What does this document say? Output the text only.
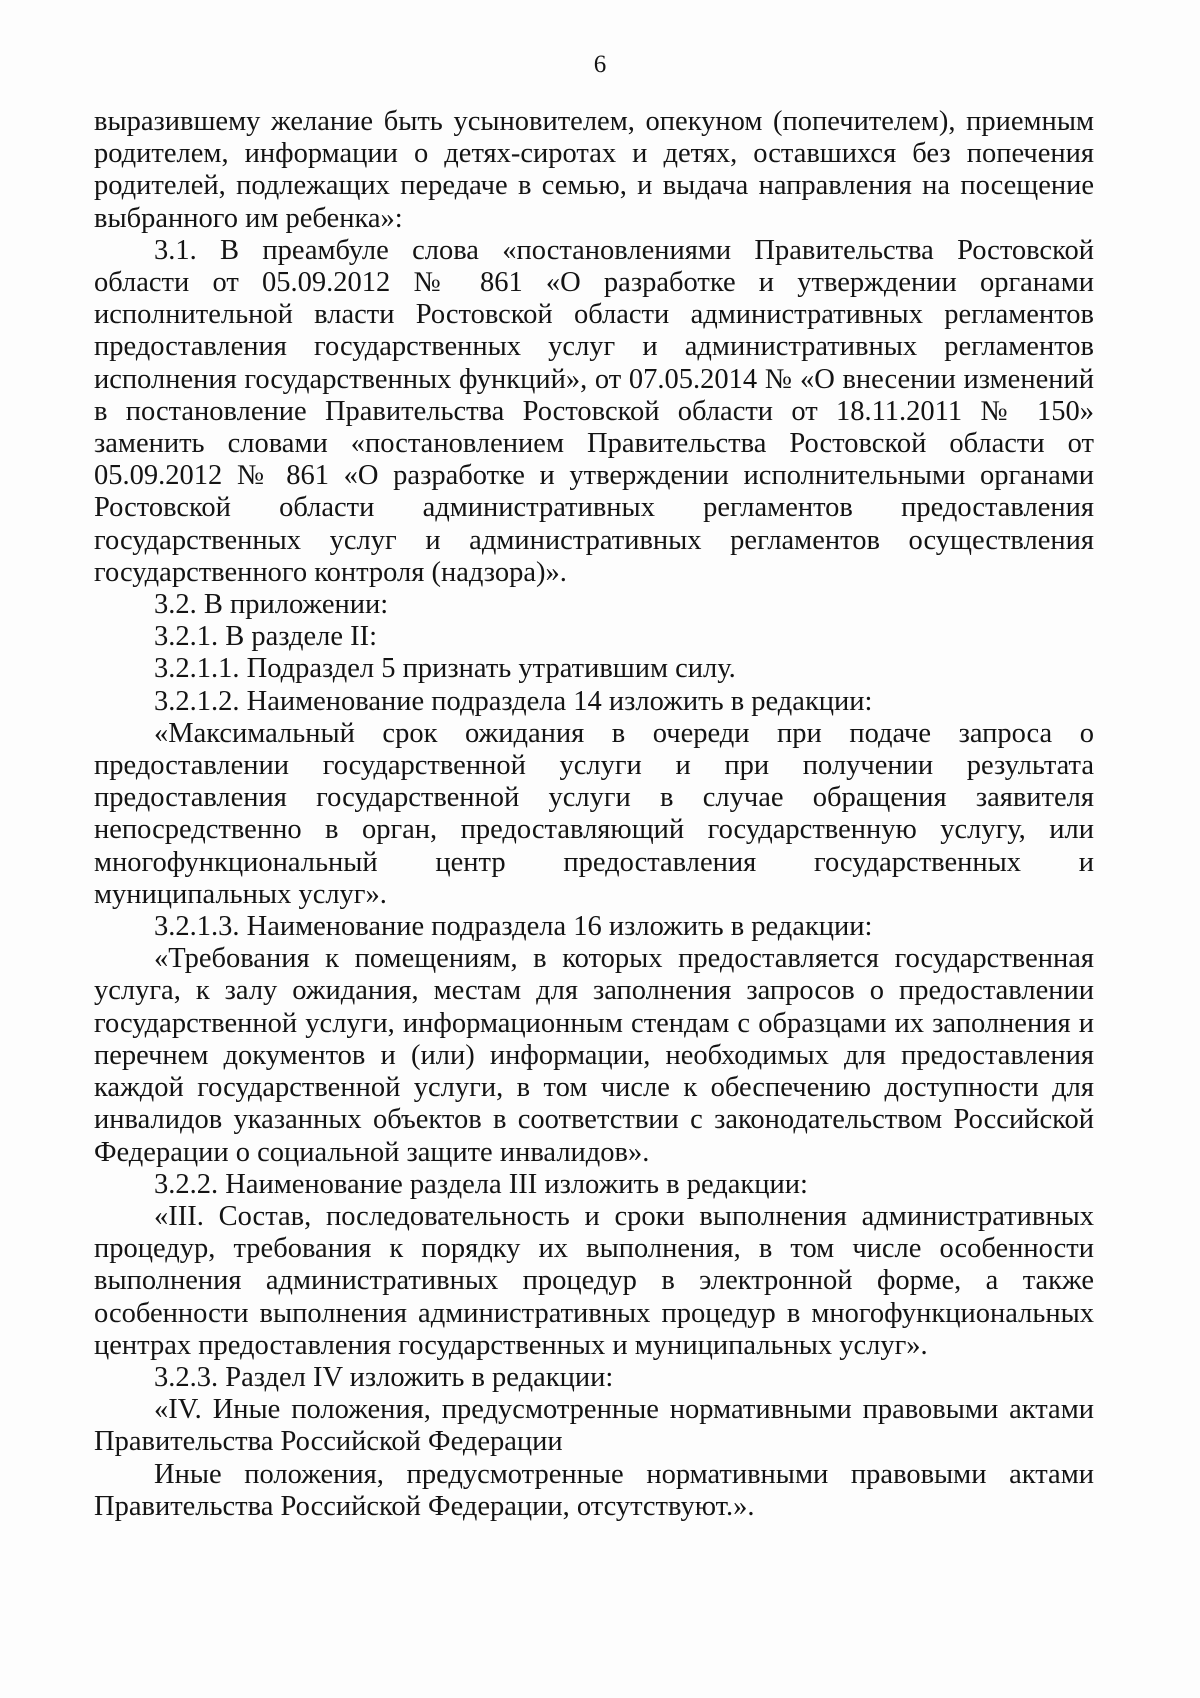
6

выразившему желание быть усыновителем, опекуном (попечителем), приемным родителем, информации о детях-сиротах и детях, оставшихся без попечения родителей, подлежащих передаче в семью, и выдача направления на посещение выбранного им ребенка»:

3.1. В преамбуле слова «постановлениями Правительства Ростовской области от 05.09.2012 № 861 «О разработке и утверждении органами исполнительной власти Ростовской области административных регламентов предоставления государственных услуг и административных регламентов исполнения государственных функций», от 07.05.2014 № «О внесении изменений в постановление Правительства Ростовской области от 18.11.2011 № 150» заменить словами «постановлением Правительства Ростовской области от 05.09.2012 № 861 «О разработке и утверждении исполнительными органами Ростовской области административных регламентов предоставления государственных услуг и административных регламентов осуществления государственного контроля (надзора)».

3.2. В приложении:

3.2.1. В разделе II:

3.2.1.1. Подраздел 5 признать утратившим силу.

3.2.1.2. Наименование подраздела 14 изложить в редакции:

«Максимальный срок ожидания в очереди при подаче запроса о предоставлении государственной услуги и при получении результата предоставления государственной услуги в случае обращения заявителя непосредственно в орган, предоставляющий государственную услугу, или многофункциональный центр предоставления государственных и муниципальных услуг».

3.2.1.3. Наименование подраздела 16 изложить в редакции:

«Требования к помещениям, в которых предоставляется государственная услуга, к залу ожидания, местам для заполнения запросов о предоставлении государственной услуги, информационным стендам с образцами их заполнения и перечнем документов и (или) информации, необходимых для предоставления каждой государственной услуги, в том числе к обеспечению доступности для инвалидов указанных объектов в соответствии с законодательством Российской Федерации о социальной защите инвалидов».

3.2.2. Наименование раздела III изложить в редакции:

«III. Состав, последовательность и сроки выполнения административных процедур, требования к порядку их выполнения, в том числе особенности выполнения административных процедур в электронной форме, а также особенности выполнения административных процедур в многофункциональных центрах предоставления государственных и муниципальных услуг».

3.2.3. Раздел IV изложить в редакции:

«IV. Иные положения, предусмотренные нормативными правовыми актами Правительства Российской Федерации

Иные положения, предусмотренные нормативными правовыми актами Правительства Российской Федерации, отсутствуют.».
